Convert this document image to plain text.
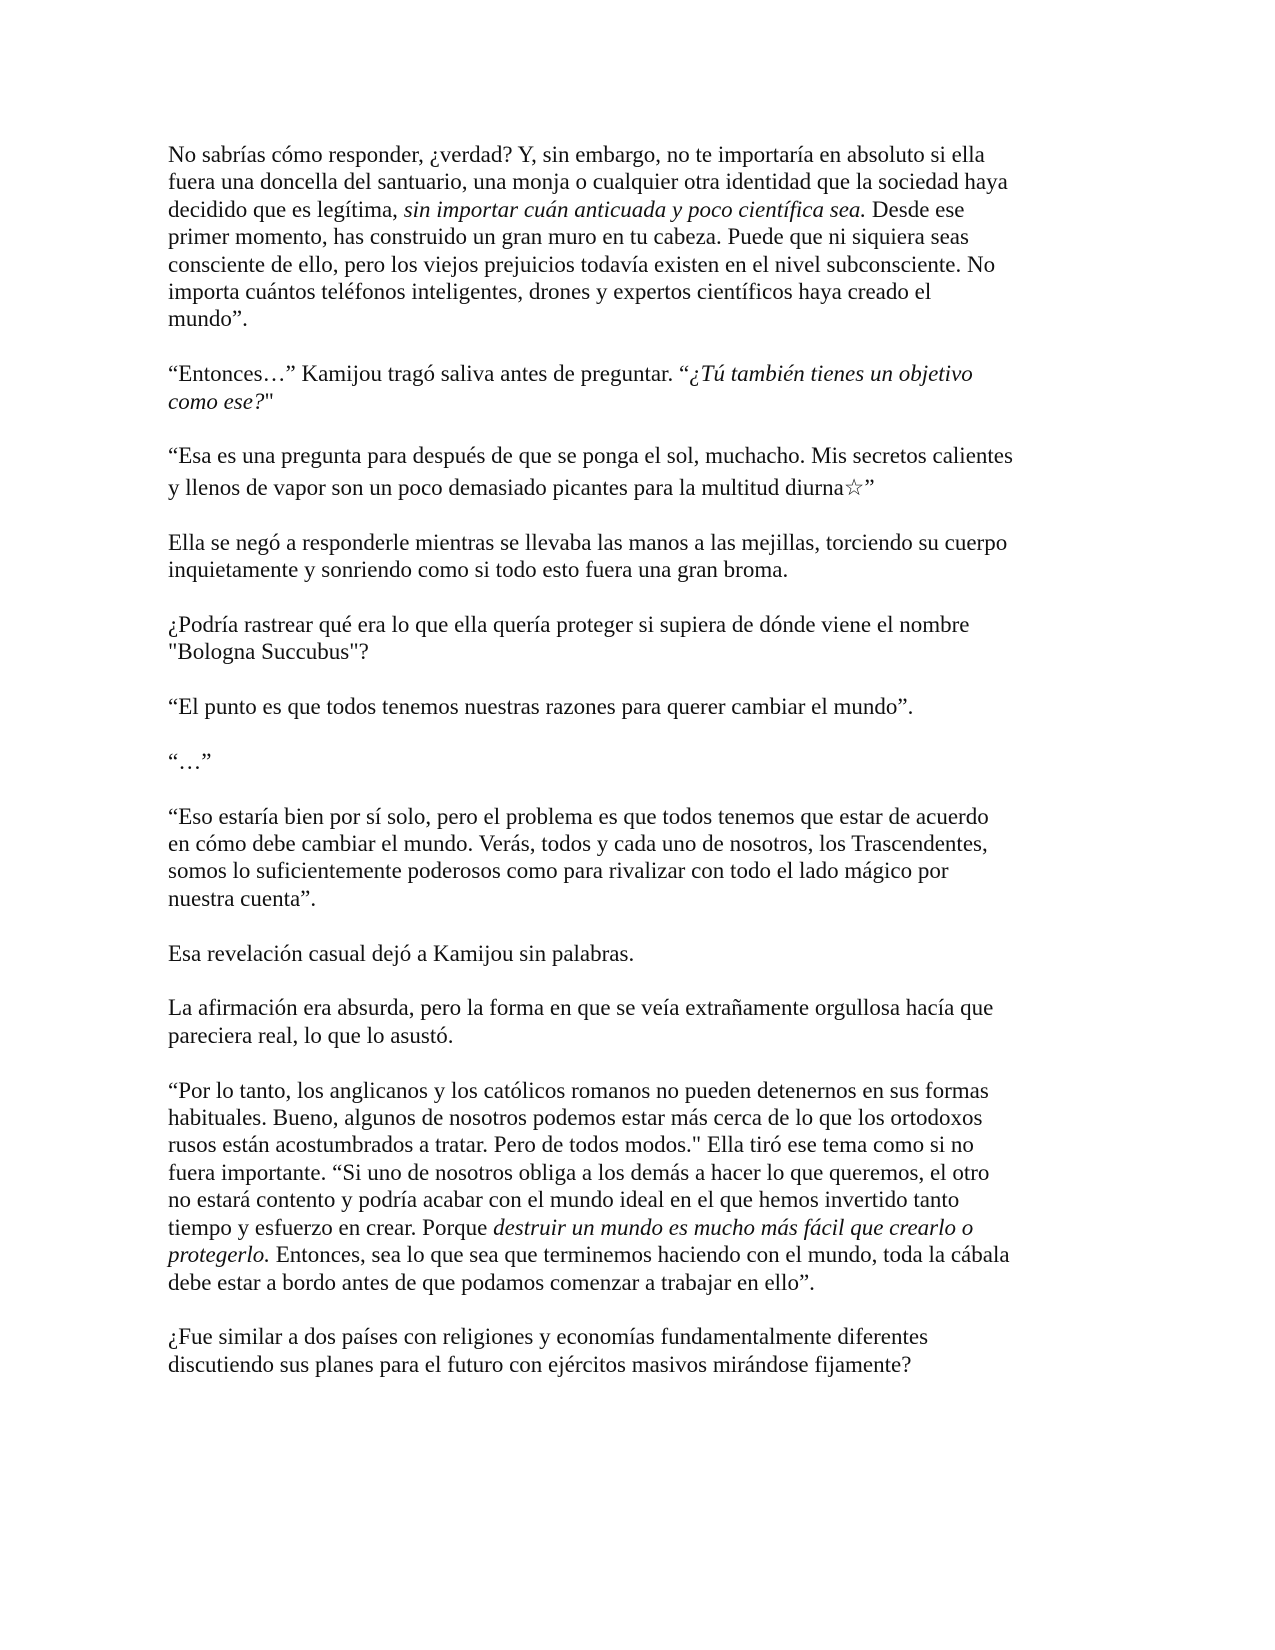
No sabrías cómo responder, ¿verdad? Y, sin embargo, no te importaría en absoluto si ella
fuera una doncella del santuario, una monja o cualquier otra identidad que la sociedad haya
decidido que es legítima, sin importar cuán anticuada y poco científica sea. Desde ese
primer momento, has construido un gran muro en tu cabeza. Puede que ni siquiera seas
consciente de ello, pero los viejos prejuicios todavía existen en el nivel subconsciente. No
importa cuántos teléfonos inteligentes, drones y expertos científicos haya creado el
mundo”.

“Entonces…” Kamijou tragó saliva antes de preguntar. “¿Tú también tienes un objetivo
como ese?"

“Esa es una pregunta para después de que se ponga el sol, muchacho. Mis secretos calientes
y llenos de vapor son un poco demasiado picantes para la multitud diurna☆”

Ella se negó a responderle mientras se llevaba las manos a las mejillas, torciendo su cuerpo
inquietamente y sonriendo como si todo esto fuera una gran broma.

¿Podría rastrear qué era lo que ella quería proteger si supiera de dónde viene el nombre
"Bologna Succubus"?

“El punto es que todos tenemos nuestras razones para querer cambiar el mundo”.

“…”

“Eso estaría bien por sí solo, pero el problema es que todos tenemos que estar de acuerdo
en cómo debe cambiar el mundo. Verás, todos y cada uno de nosotros, los Trascendentes,
somos lo suficientemente poderosos como para rivalizar con todo el lado mágico por
nuestra cuenta”.

Esa revelación casual dejó a Kamijou sin palabras.

La afirmación era absurda, pero la forma en que se veía extrañamente orgullosa hacía que
pareciera real, lo que lo asustó.

“Por lo tanto, los anglicanos y los católicos romanos no pueden detenernos en sus formas
habituales. Bueno, algunos de nosotros podemos estar más cerca de lo que los ortodoxos
rusos están acostumbrados a tratar. Pero de todos modos." Ella tiró ese tema como si no
fuera importante. “Si uno de nosotros obliga a los demás a hacer lo que queremos, el otro
no estará contento y podría acabar con el mundo ideal en el que hemos invertido tanto
tiempo y esfuerzo en crear. Porque destruir un mundo es mucho más fácil que crearlo o
protegerlo. Entonces, sea lo que sea que terminemos haciendo con el mundo, toda la cábala
debe estar a bordo antes de que podamos comenzar a trabajar en ello”.

¿Fue similar a dos países con religiones y economías fundamentalmente diferentes
discutiendo sus planes para el futuro con ejércitos masivos mirándose fijamente?
